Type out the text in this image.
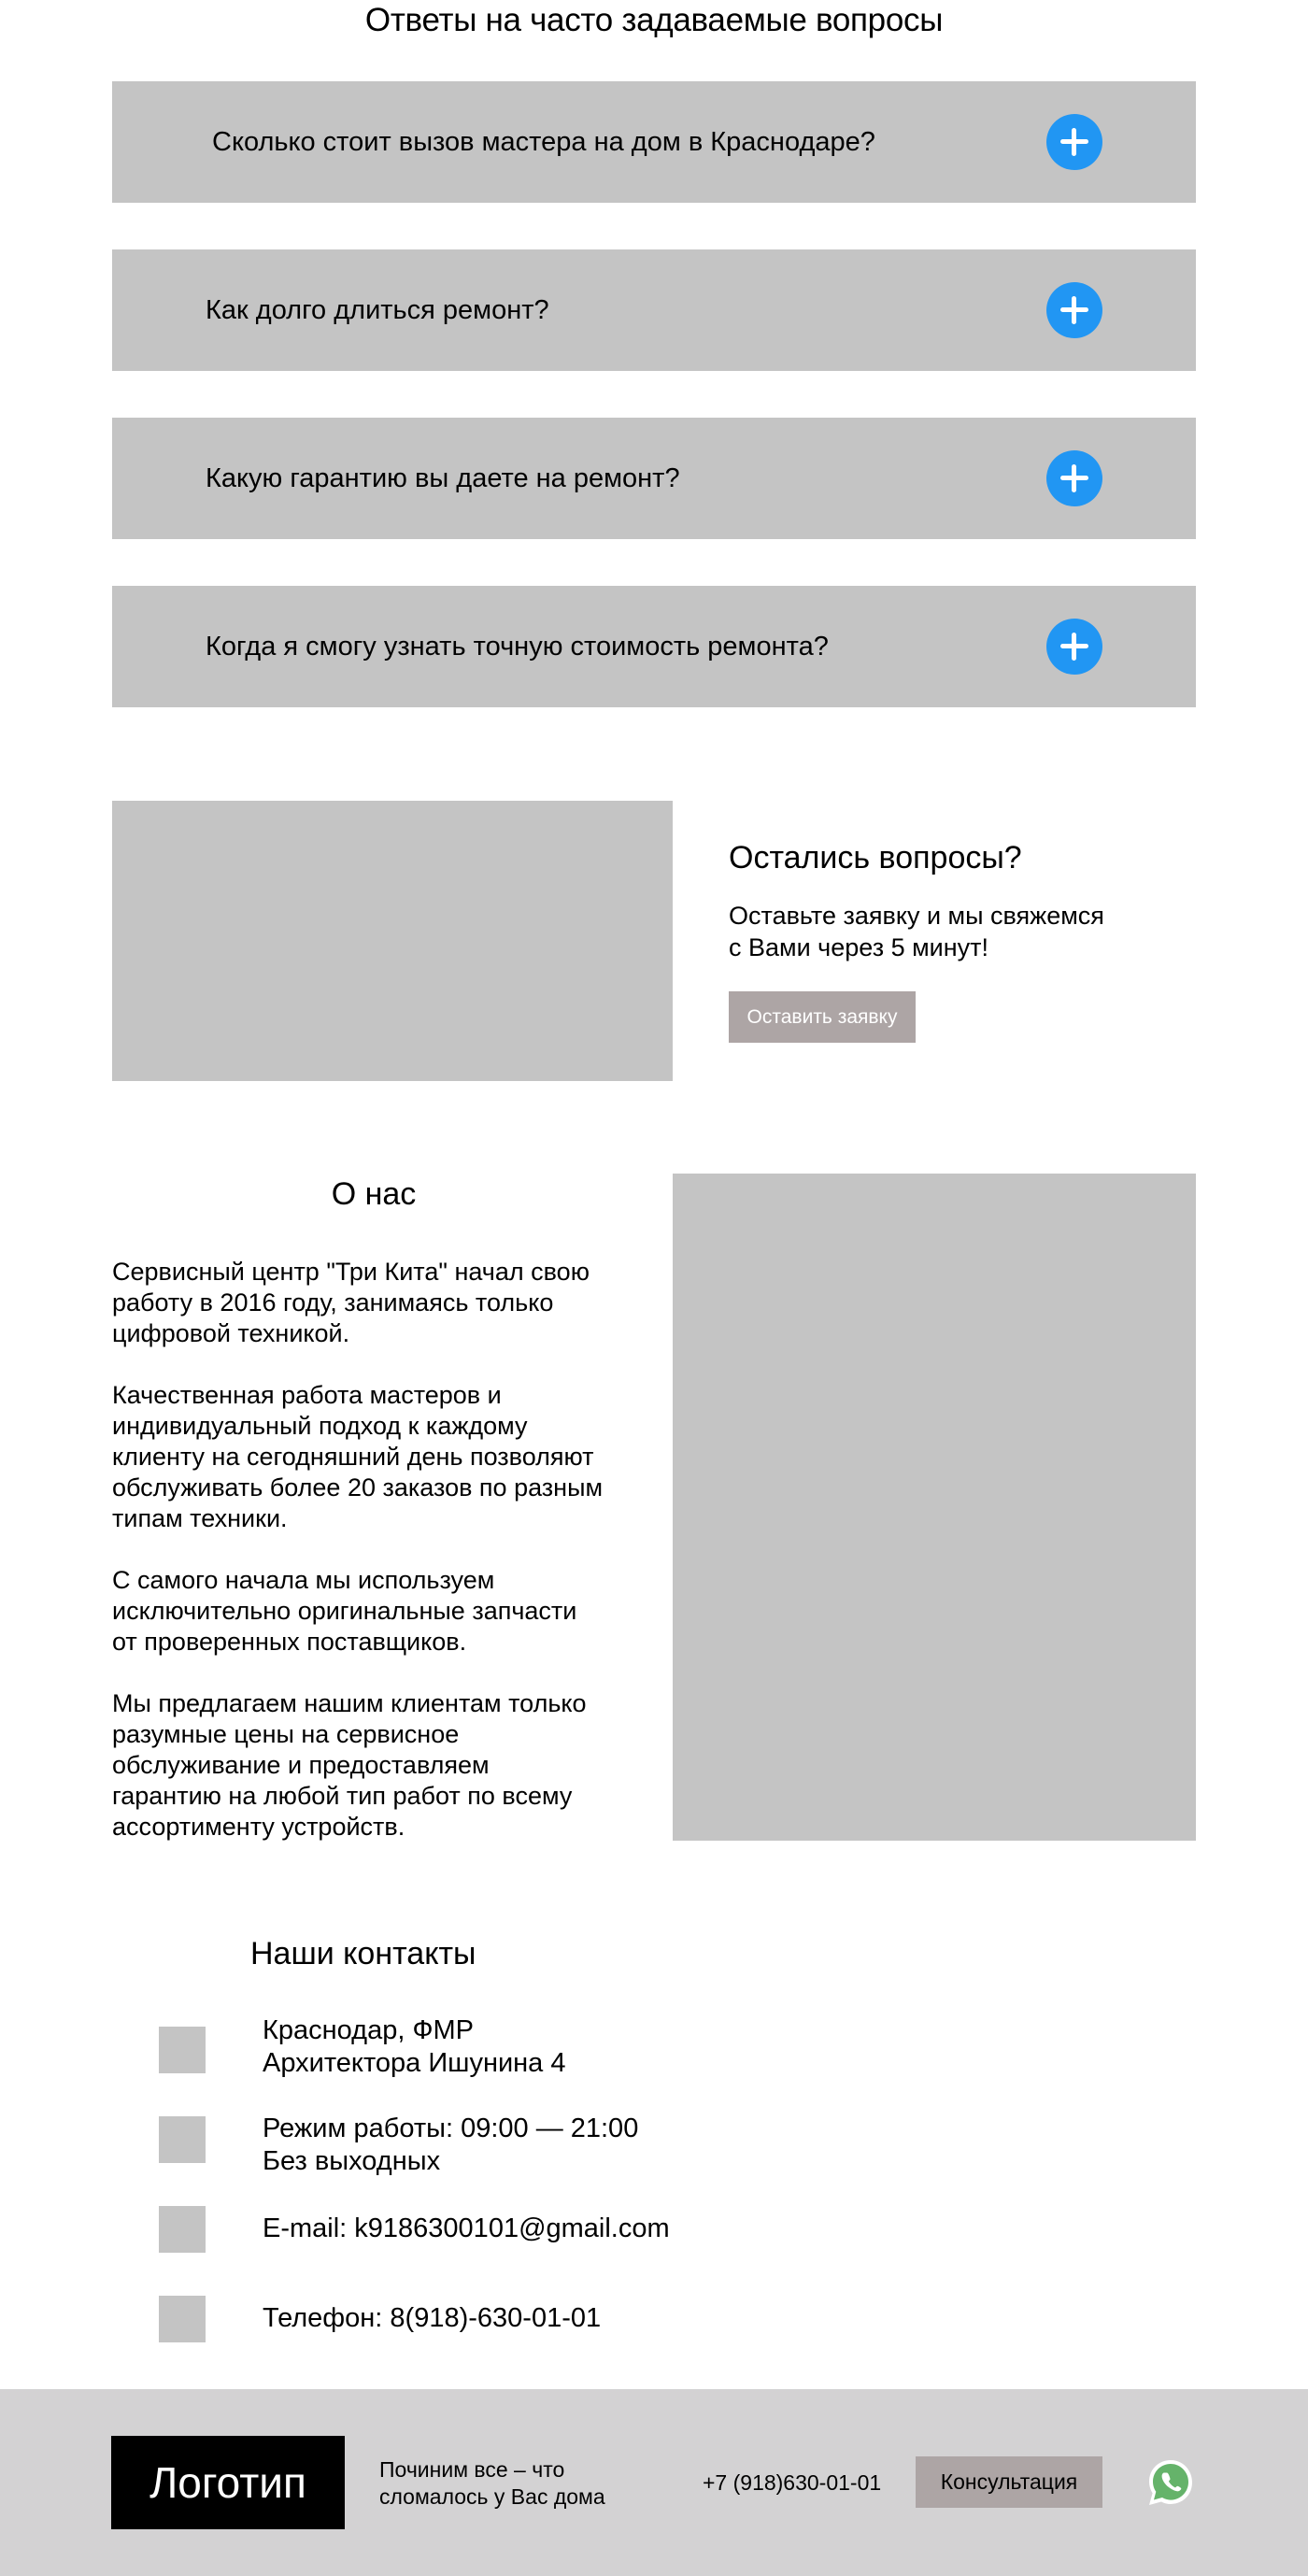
Ответы на часто задаваемые вопросы
Сколько стоит вызов мастера на дом в Краснодаре?
Как долго длиться ремонт?
Какую гарантию вы даете на ремонт?
Когда я смогу узнать точную стоимость ремонта?
Остались вопросы?
Оставьте заявку и мы свяжемся
с Вами через 5 минут!
Оставить заявку
О нас
Сервисный центр "Три Кита" начал свою
работу в 2016 году, занимаясь только
цифровой техникой.
Качественная работа мастеров и
индивидуальный подход к каждому
клиенту на сегодняшний день позволяют
обслуживать более 20 заказов по разным
типам техники.
С самого начала мы используем
исключительно оригинальные запчасти
от проверенных поставщиков.
Мы предлагаем нашим клиентам только
разумные цены на сервисное
обслуживание и предоставляем
гарантию на любой тип работ по всему
ассортименту устройств.
Наши контакты
Краснодар, ФМР
Архитектора Ишунина 4
Режим работы: 09:00 — 21:00
Без выходных
E-mail: k9186300101@gmail.com
Телефон: 8(918)-630-01-01
Логотип	Починим все – что
сломалось у Вас дома
+7 (918)630-01-01	Консультация
